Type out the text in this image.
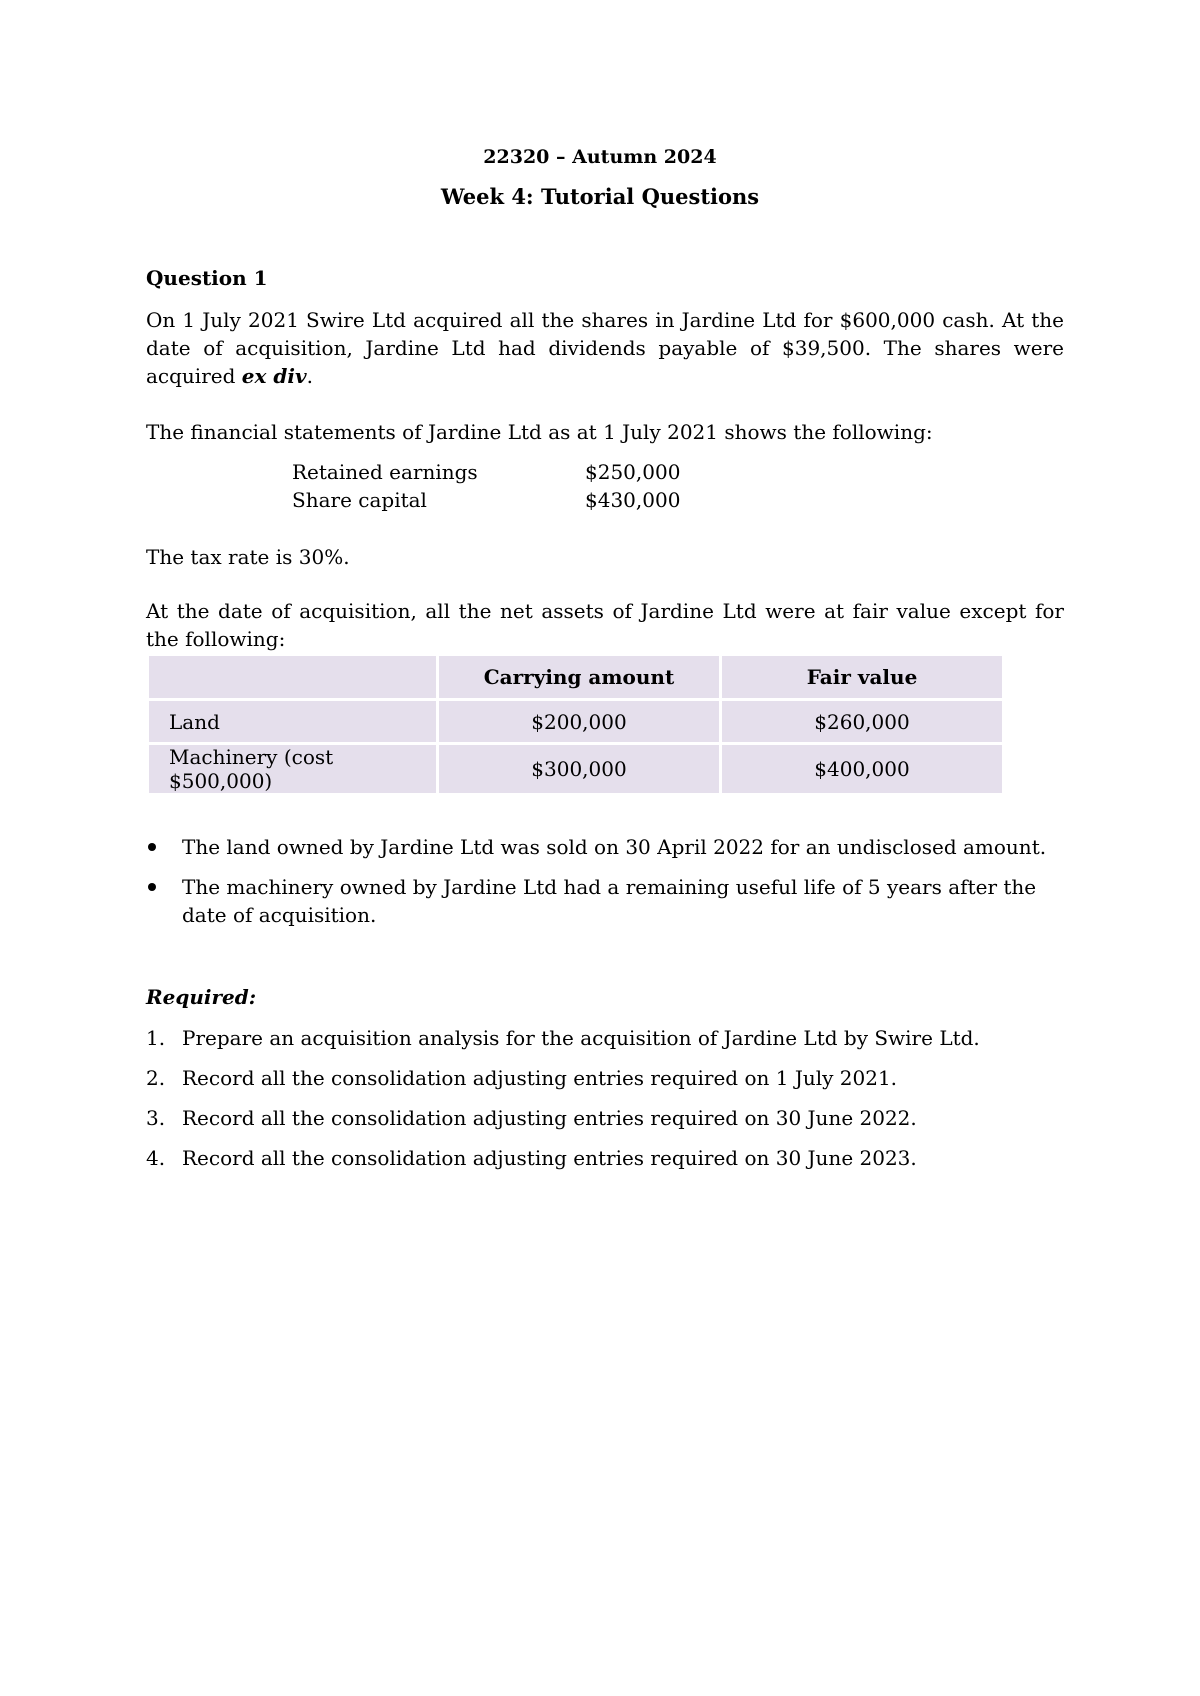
22320 – Autumn 2024
Week 4: Tutorial Questions
Question 1
On 1 July 2021 Swire Ltd acquired all the shares in Jardine Ltd for $600,000 cash. At the date of acquisition, Jardine Ltd had dividends payable of $39,500. The shares were acquired ex div.
The financial statements of Jardine Ltd as at 1 July 2021 shows the following:
Retained earnings	$250,000
Share capital	$430,000
The tax rate is 30%.
At the date of acquisition, all the net assets of Jardine Ltd were at fair value except for the following:
	Carrying amount	Fair value
Land	$200,000	$260,000
Machinery (cost $500,000)	$300,000	$400,000
The land owned by Jardine Ltd was sold on 30 April 2022 for an undisclosed amount.
The machinery owned by Jardine Ltd had a remaining useful life of 5 years after the date of acquisition.
Required:
1. Prepare an acquisition analysis for the acquisition of Jardine Ltd by Swire Ltd.
2. Record all the consolidation adjusting entries required on 1 July 2021.
3. Record all the consolidation adjusting entries required on 30 June 2022.
4. Record all the consolidation adjusting entries required on 30 June 2023.
